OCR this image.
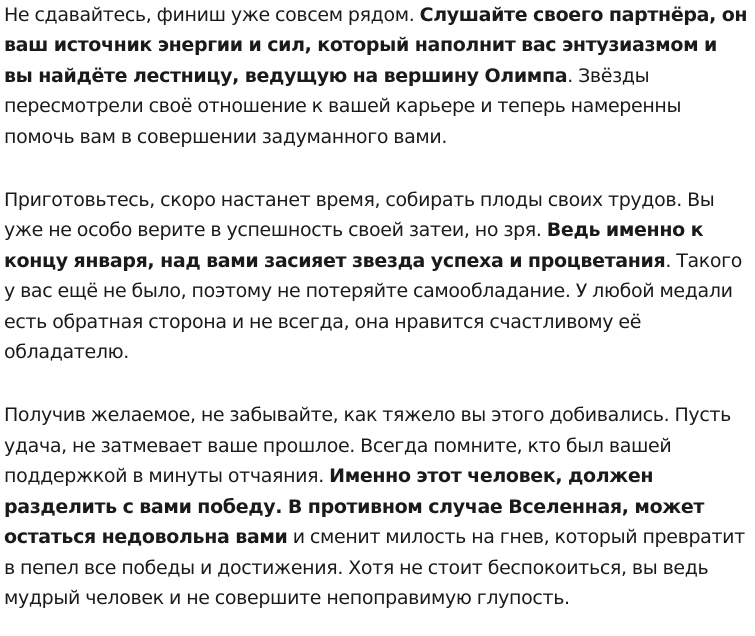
Не сдавайтесь, финиш уже совсем рядом. Слушайте своего партнёра, он ваш источник энергии и сил, который наполнит вас энтузиазмом и вы найдёте лестницу, ведущую на вершину Олимпа. Звёзды пересмотрели своё отношение к вашей карьере и теперь намеренны помочь вам в совершении задуманного вами.

Приготовьтесь, скоро настанет время, собирать плоды своих трудов. Вы уже не особо верите в успешность своей затеи, но зря. Ведь именно к концу января, над вами засияет звезда успеха и процветания. Такого у вас ещё не было, поэтому не потеряйте самообладание. У любой медали есть обратная сторона и не всегда, она нравится счастливому её обладателю.

Получив желаемое, не забывайте, как тяжело вы этого добивались. Пусть удача, не затмевает ваше прошлое. Всегда помните, кто был вашей поддержкой в минуты отчаяния. Именно этот человек, должен разделить с вами победу. В противном случае Вселенная, может остаться недовольна вами и сменит милость на гнев, который превратит в пепел все победы и достижения. Хотя не стоит беспокоиться, вы ведь мудрый человек и не совершите непоправимую глупость.
